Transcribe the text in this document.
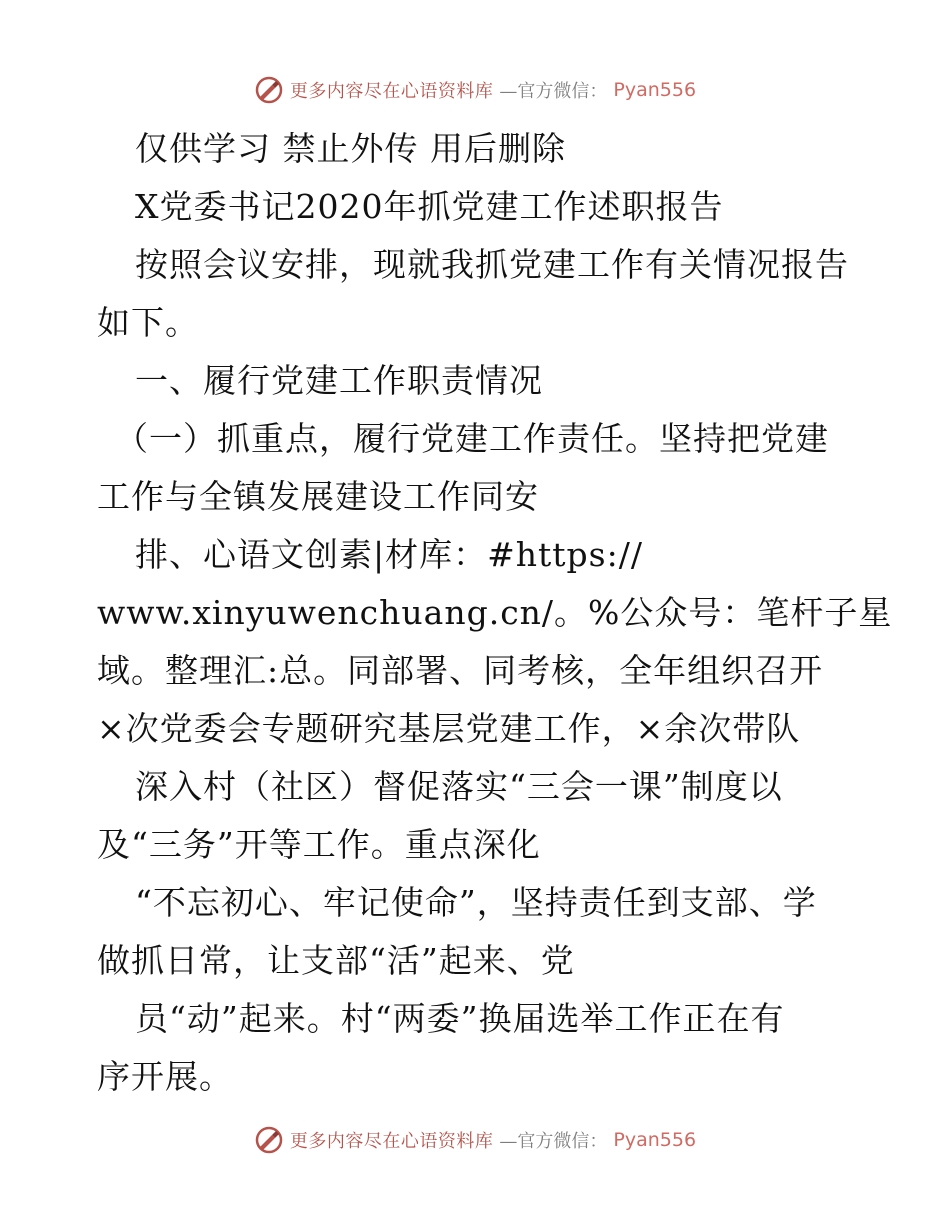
更多内容尽在心语资料库 —官方微信： Pyan556
仅供学习 禁止外传 用后删除
X党委书记2020年抓党建工作述职报告
按照会议安排，现就我抓党建工作有关情况报告
如下。
一、履行党建工作职责情况
（一）抓重点，履行党建工作责任。坚持把党建
工作与全镇发展建设工作同安
排、心语文创素|材库：#https://
www.xinyuwenchuang.cn/。%公众号：笔杆子星
域。整理汇:总。同部署、同考核，全年组织召开
×次党委会专题研究基层党建工作，×余次带队
深入村（社区）督促落实“三会一课”制度以
及“三务”开等工作。重点深化
“不忘初心、牢记使命”，坚持责任到支部、学
做抓日常，让支部“活”起来、党
员“动”起来。村“两委”换届选举工作正在有
序开展。
更多内容尽在心语资料库 —官方微信： Pyan556
